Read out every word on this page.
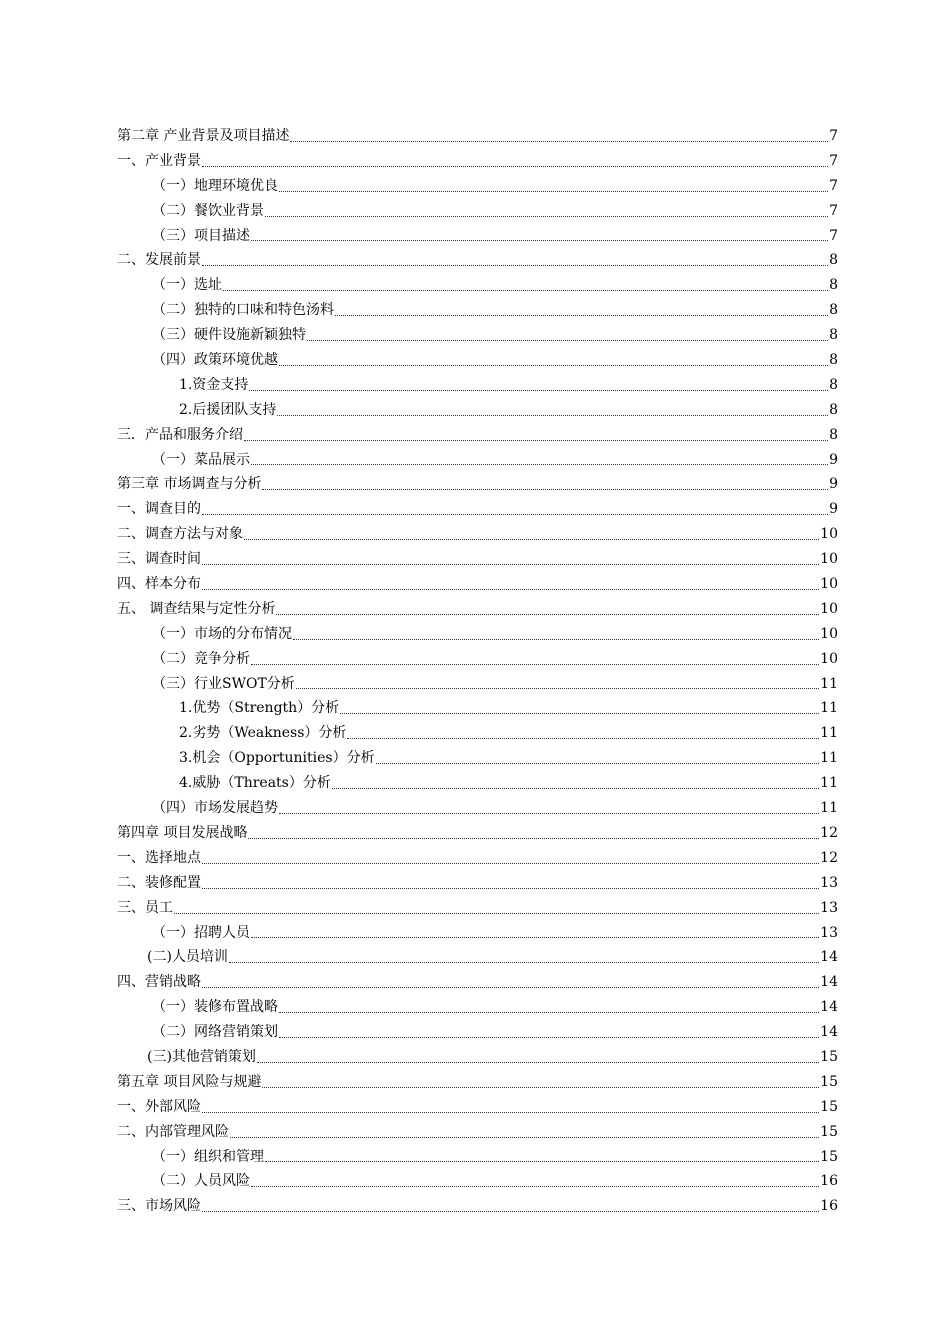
第二章 产业背景及项目描述	7
一、产业背景	7
（一）地理环境优良	7
（二）餐饮业背景	7
（三）项目描述	7
二、发展前景	8
（一）选址	8
（二）独特的口味和特色汤料	8
（三）硬件设施新颖独特	8
（四）政策环境优越	8
1.资金支持	8
2.后援团队支持	8
三．产品和服务介绍	8
（一）菜品展示	9
第三章 市场调查与分析	9
一、调查目的	9
二、调查方法与对象	10
三、调查时间	10
四、样本分布	10
五、 调查结果与定性分析	10
（一）市场的分布情况	10
（二）竞争分析	10
（三）行业SWOT分析	11
1.优势（Strength）分析	11
2.劣势（Weakness）分析	11
3.机会（Opportunities）分析	11
4.威胁（Threats）分析	11
（四）市场发展趋势	11
第四章 项目发展战略	12
一、选择地点	12
二、装修配置	13
三、员工	13
（一）招聘人员	13
(二)人员培训	14
四、营销战略	14
（一）装修布置战略	14
（二）网络营销策划	14
(三)其他营销策划	15
第五章 项目风险与规避	15
一、外部风险	15
二、内部管理风险	15
（一）组织和管理	15
（二）人员风险	16
三、市场风险	16
